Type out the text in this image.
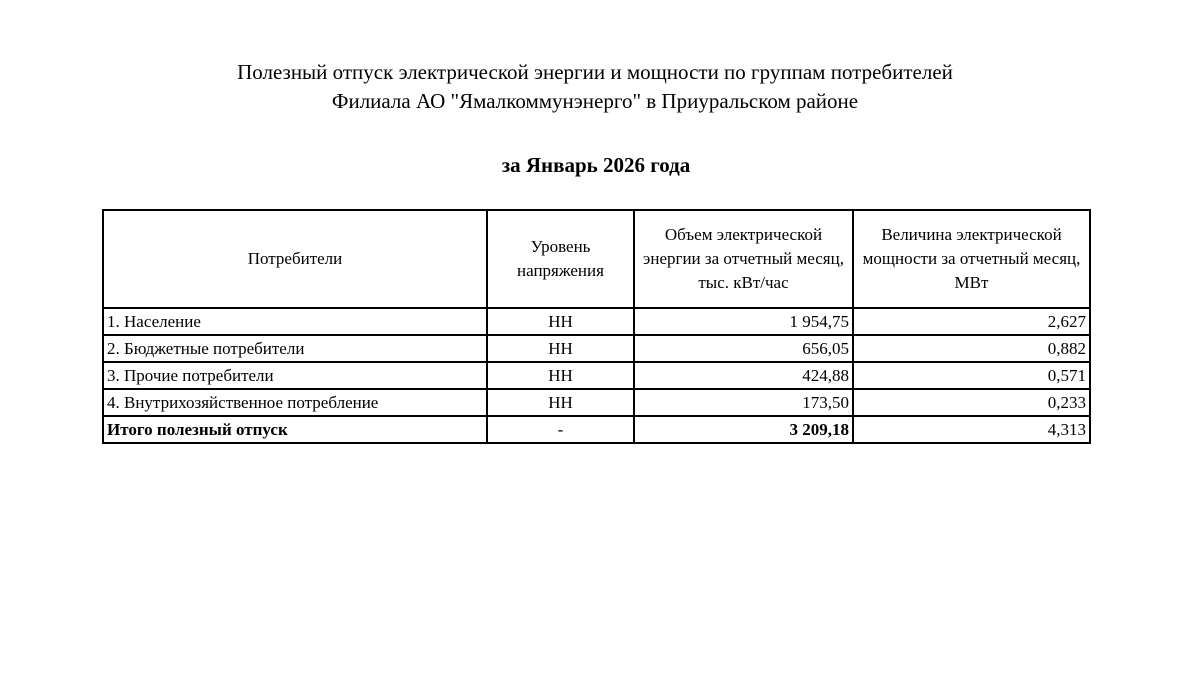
Полезный отпуск электрической энергии и мощности по группам потребителей
Филиала АО "Ямалкоммунэнерго" в Приуральском районе
за Январь 2026 года
Потребители	Уровень напряжения	Объем электрической энергии за отчетный месяц, тыс. кВт/час	Величина электрической мощности за отчетный месяц, МВт
1. Население	НН	1 954,75	2,627
2. Бюджетные потребители	НН	656,05	0,882
3. Прочие потребители	НН	424,88	0,571
4. Внутрихозяйственное потребление	НН	173,50	0,233
Итого полезный отпуск	-	3 209,18	4,313
